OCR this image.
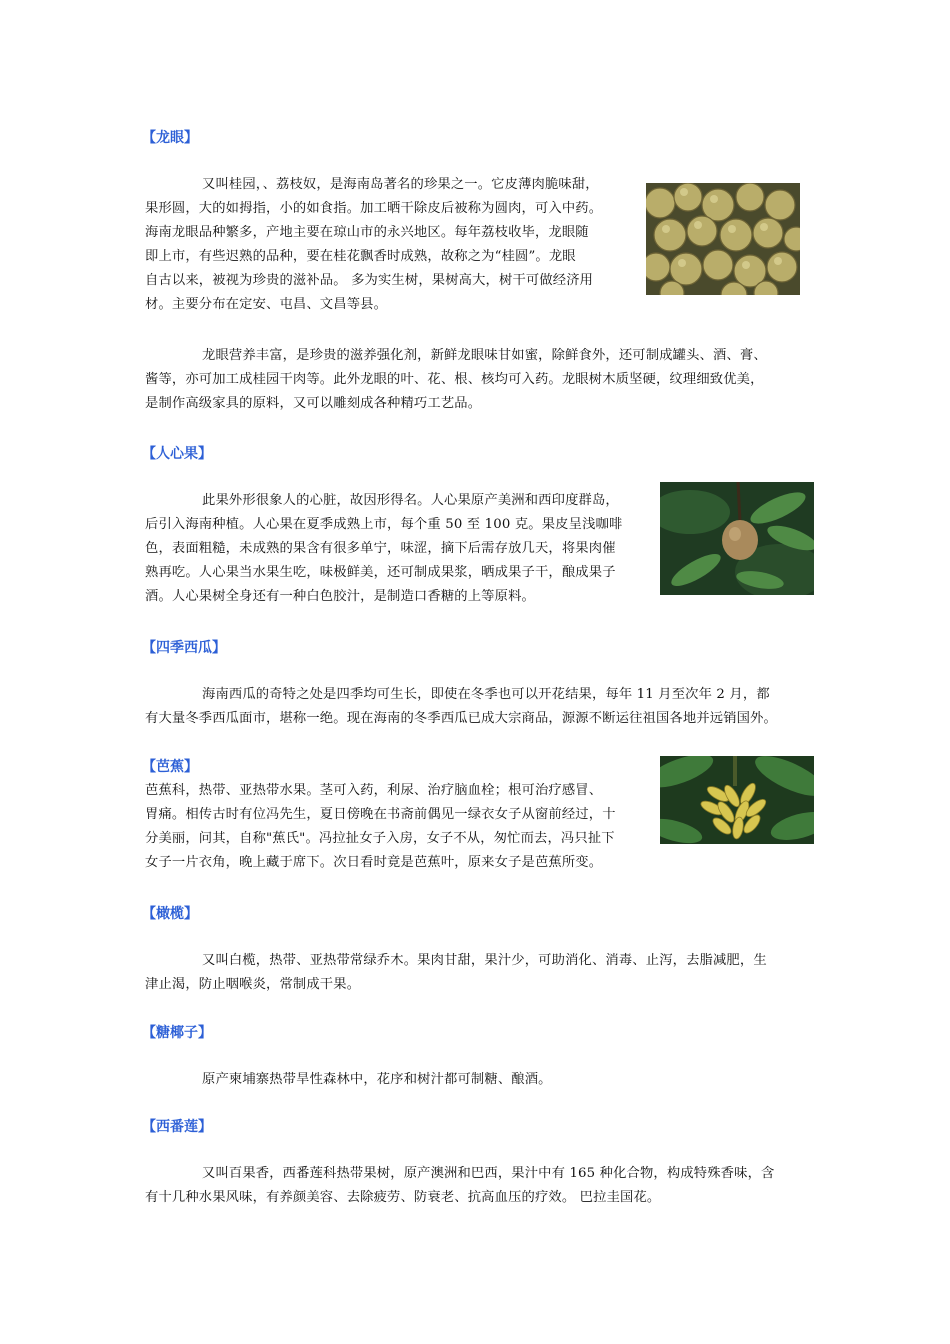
【龙眼】

又叫桂园，、荔枝奴，是海南岛著名的珍果之一。它皮薄肉脆味甜，

果形圆，大的如拇指，小的如食指。加工晒干除皮后被称为圆肉，可入中药。

海南龙眼品种繁多，产地主要在琼山市的永兴地区。每年荔枝收毕，龙眼随

即上市，有些迟熟的品种，要在桂花飘香时成熟，故称之为“桂圆”。龙眼

自古以来，被视为珍贵的滋补品。 多为实生树，果树高大，树干可做经济用

材。主要分布在定安、屯昌、文昌等县。

龙眼营养丰富，是珍贵的滋养强化剂，新鲜龙眼味甘如蜜，除鲜食外，还可制成罐头、酒、膏、

酱等，亦可加工成桂园干肉等。此外龙眼的叶、花、根、核均可入药。龙眼树木质坚硬，纹理细致优美，

是制作高级家具的原料，又可以雕刻成各种精巧工艺品。

【人心果】

此果外形很象人的心脏，故因形得名。人心果原产美洲和西印度群岛，

后引入海南种植。人心果在夏季成熟上市，每个重 50 至 100 克。果皮呈浅咖啡

色，表面粗糙，未成熟的果含有很多单宁，味涩，摘下后需存放几天，将果肉催

熟再吃。人心果当水果生吃，味极鲜美，还可制成果浆，晒成果子干，酿成果子

酒。人心果树全身还有一种白色胶汁，是制造口香糖的上等原料。

【四季西瓜】

海南西瓜的奇特之处是四季均可生长，即使在冬季也可以开花结果，每年 11 月至次年 2 月，都

有大量冬季西瓜面市，堪称一绝。现在海南的冬季西瓜已成大宗商品，源源不断运往祖国各地并远销国外。

【芭蕉】

芭蕉科，热带、亚热带水果。茎可入药，利尿、治疗脑血栓；根可治疗感冒、

胃痛。相传古时有位冯先生，夏日傍晚在书斋前偶见一绿衣女子从窗前经过，十

分美丽，问其，自称"蕉氏"。冯拉扯女子入房，女子不从，匆忙而去，冯只扯下

女子一片衣角，晚上藏于席下。次日看时竟是芭蕉叶，原来女子是芭蕉所变。

【橄榄】

又叫白榄，热带、亚热带常绿乔木。果肉甘甜，果汁少，可助消化、消毒、止泻，去脂减肥，生

津止渴，防止咽喉炎，常制成干果。

【糖椰子】

原产柬埔寨热带旱性森林中，花序和树汁都可制糖、酿酒。

【西番莲】

又叫百果香，西番莲科热带果树，原产澳洲和巴西，果汁中有 165 种化合物，构成特殊香味，含

有十几种水果风味，有养颜美容、去除疲劳、防衰老、抗高血压的疗效。 巴拉圭国花。
